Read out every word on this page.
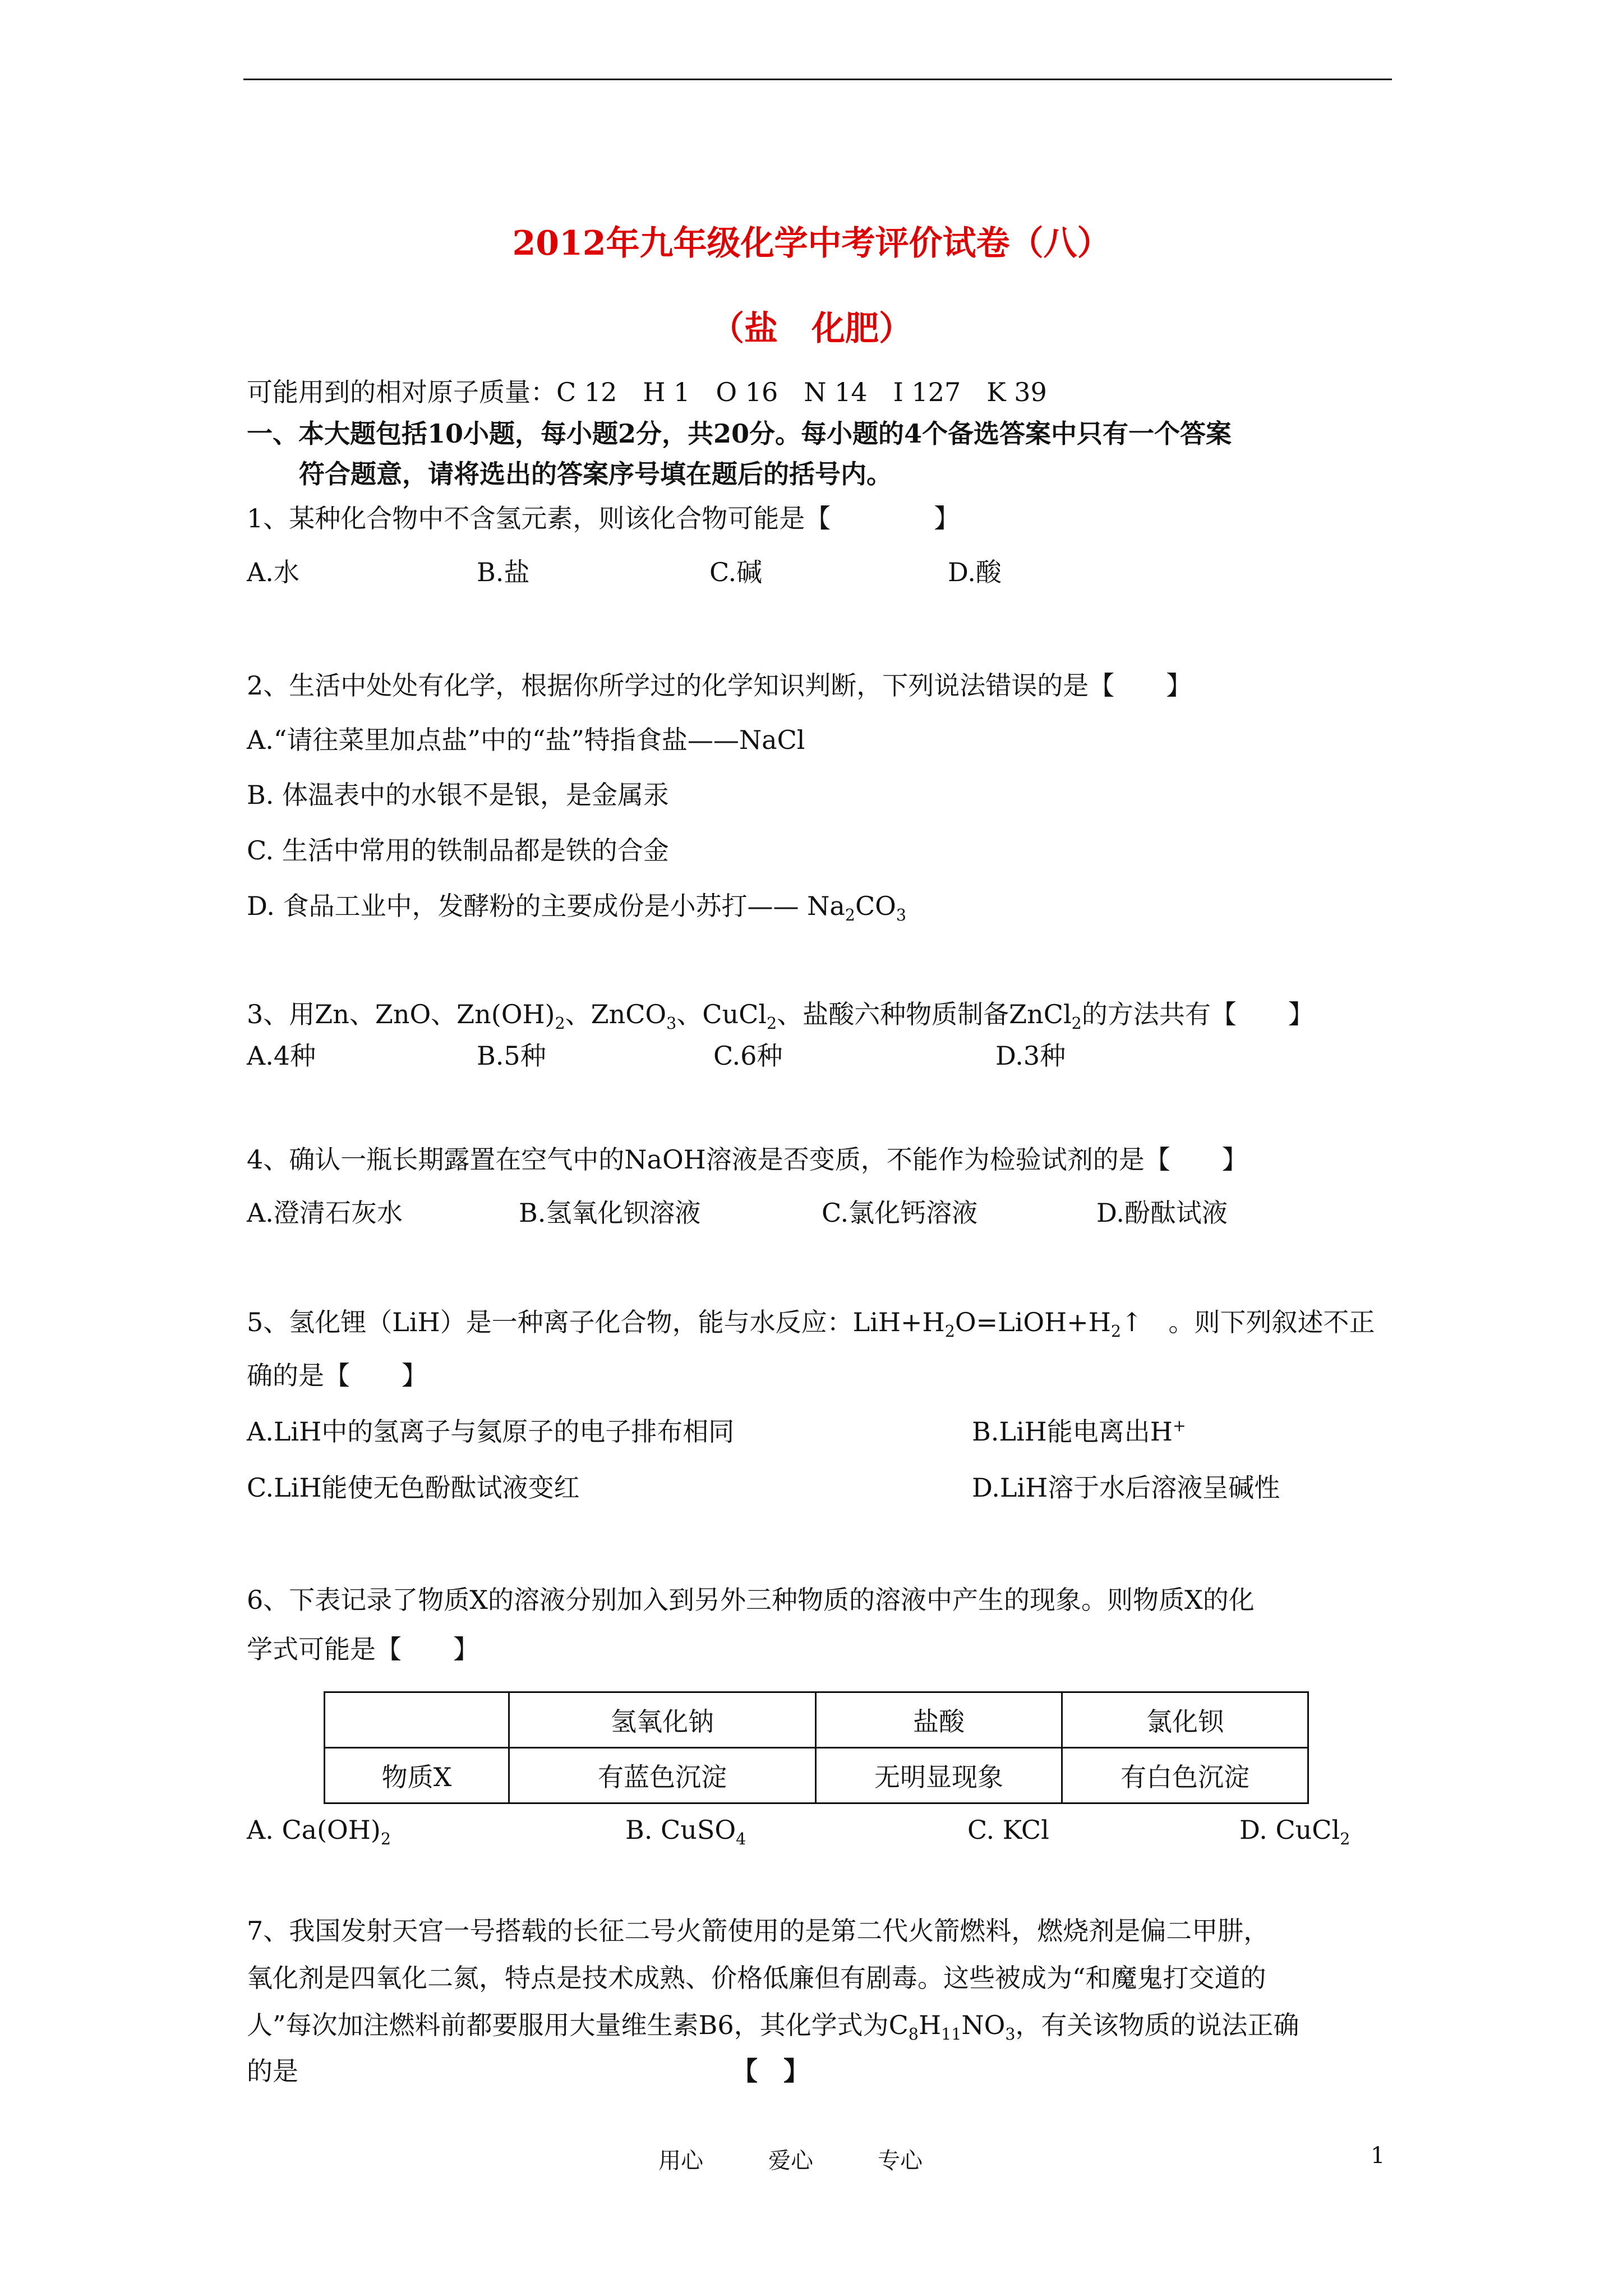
2012年九年级化学中考评价试卷（八）
（盐　化肥）
可能用到的相对原子质量：C 12　H 1　O 16　N 14　I 127　K 39
一、本大题包括10小题，每小题2分，共20分。每小题的4个备选答案中只有一个答案
符合题意，请将选出的答案序号填在题后的括号内。
1、某种化合物中不含氢元素，则该化合物可能是【　　　　】
A.水	B.盐	C.碱	D.酸
2、生活中处处有化学，根据你所学过的化学知识判断，下列说法错误的是【　　】
A.“请往菜里加点盐”中的“盐”特指食盐——NaCl
B. 体温表中的水银不是银，是金属汞
C. 生活中常用的铁制品都是铁的合金
D. 食品工业中，发酵粉的主要成份是小苏打—— $Na_2CO_3$
3、用Zn、ZnO、$Zn(OH)_2$、ZnCO$_3$、CuCl$_2$、盐酸六种物质制备ZnCl$_2$的方法共有【　　】
A.4种	B.5种	C.6种	D.3种
4、确认一瓶长期露置在空气中的NaOH溶液是否变质，不能作为检验试剂的是【　　】
A.澄清石灰水	B.氢氧化钡溶液	C.氯化钙溶液	D.酚酞试液
5、氢化锂（LiH）是一种离子化合物，能与水反应：$LiH+H_2O=LiOH+H_2↑$　。则下列叙述不正
确的是【　　】
A.LiH中的氢离子与氦原子的电子排布相同	B.LiH能电离出H+
C.LiH能使无色酚酞试液变红	D.LiH溶于水后溶液呈碱性
6、下表记录了物质X的溶液分别加入到另外三种物质的溶液中产生的现象。则物质X的化
学式可能是【　　】
	氢氧化钠	盐酸	氯化钡
物质X	有蓝色沉淀	无明显现象	有白色沉淀
A. $Ca(OH)_2$	B. CuSO$_4$	C. KCl	D. CuCl$_2$
7、我国发射天宫一号搭载的长征二号火箭使用的是第二代火箭燃料，燃烧剂是偏二甲肼，
氧化剂是四氧化二氮，特点是技术成熟、价格低廉但有剧毒。这些被成为“和魔鬼打交道的
人”每次加注燃料前都要服用大量维生素B6，其化学式为$C_8H_{11}NO_3$，有关该物质的说法正确
的是	【　】
用心	爱心	专心	1
